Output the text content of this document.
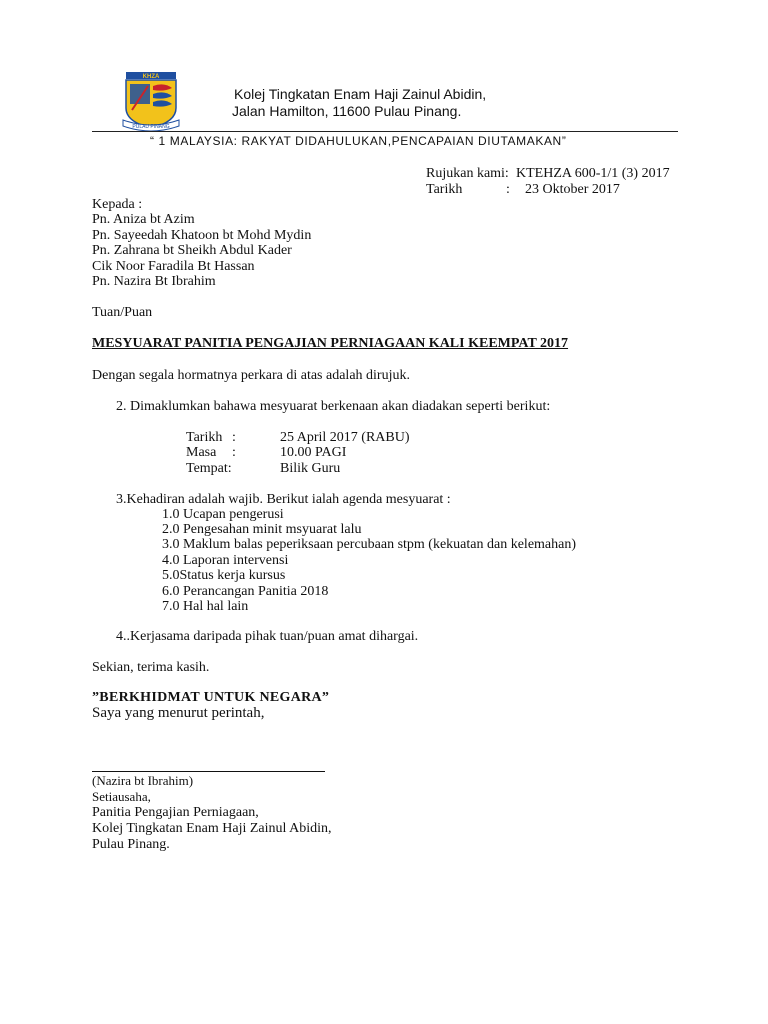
KHZA
PULAU PINANG
Kolej Tingkatan Enam Haji Zainul Abidin,
Jalan Hamilton, 11600 Pulau Pinang.
“ 1 MALAYSIA: RAKYAT DIDAHULUKAN,PENCAPAIAN DIUTAMAKAN”
Rujukan kami: KTEHZA 600-1/1 (3) 2017
Tarikh	: 23 Oktober 2017
Kepada :
Pn. Aniza bt Azim
Pn. Sayeedah Khatoon bt Mohd Mydin
Pn. Zahrana bt Sheikh Abdul Kader
Cik Noor Faradila Bt Hassan
Pn. Nazira Bt Ibrahim
Tuan/Puan
MESYUARAT PANITIA PENGAJIAN PERNIAGAAN KALI KEEMPAT 2017
Dengan segala hormatnya perkara di atas adalah dirujuk.
2. Dimaklumkan bahawa mesyuarat berkenaan akan diadakan seperti berikut:
Tarikh :	25 April 2017 (RABU)
Masa :	10.00 PAGI
Tempat:	Bilik Guru
3.Kehadiran adalah wajib. Berikut ialah agenda mesyuarat :
1.0 Ucapan pengerusi
2.0 Pengesahan minit msyuarat lalu
3.0 Maklum balas peperiksaan percubaan stpm (kekuatan dan kelemahan)
4.0 Laporan intervensi
5.0Status kerja kursus
6.0 Perancangan Panitia 2018
7.0 Hal hal lain
4..Kerjasama daripada pihak tuan/puan amat dihargai.
Sekian, terima kasih.
”BERKHIDMAT UNTUK NEGARA”
Saya yang menurut perintah,
(Nazira bt Ibrahim)
Setiausaha,
Panitia Pengajian Perniagaan,
Kolej Tingkatan Enam Haji Zainul Abidin,
Pulau Pinang.
